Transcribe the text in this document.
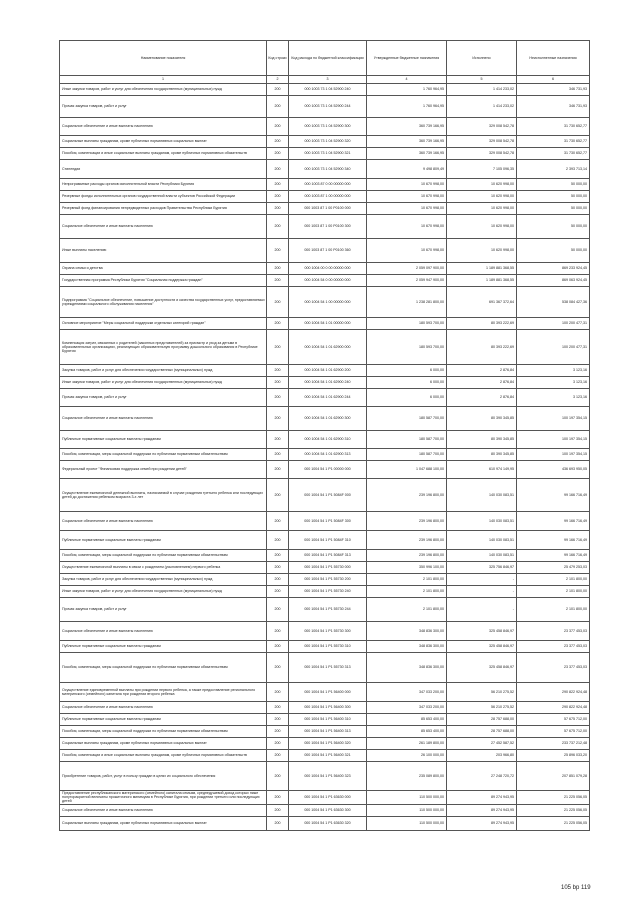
Наименование показателя	Код строки	Код расхода по бюджетной классификации	Утвержденные бюджетные назначения	Исполнено	Неисполненные назначения
1	2	3	4	5	6
Иные закупки товаров, работ и услуг для обеспечения государственных (муниципальных) нужд	200	000 1003 73 1 04 52900 240	1 760 964,95	1 414 233,02	346 731,93
Прочая закупка товаров, работ и услуг	200	000 1003 73 1 04 52900 244	1 760 964,95	1 414 233,02	346 731,93
Социальное обеспечение и иные выплаты населению	200	000 1003 73 1 04 52900 300	360 739 166,95	329 008 542,78	31 730 652,77
Социальные выплаты гражданам, кроме публичных нормативных социальных выплат	200	000 1003 73 1 04 52900 320	360 739 166,95	329 008 542,78	31 730 652,77
Пособия, компенсации и иные социальные выплаты гражданам, кроме публичных нормативных обязательств	200	000 1003 73 1 04 52900 321	360 739 166,95	329 008 542,78	31 730 652,77
Стипендии	200	000 1003 73 1 04 52900 340	9 498 809,49	7 105 096,35	2 393 713,14
Непрограммные расходы органов исполнительной власти Республики Бурятия	200	000 1003 87 0 00 00000 000	10 670 998,00	10 620 998,00	50 000,00
Резервные фонды исполнительных органов государственной власти субъектов Российской Федерации	200	000 1003 87 1 00 00000 000	10 670 998,00	10 620 998,00	50 000,00
Резервный фонд финансирования непредвиденных расходов Правительства Республики Бурятия	200	000 1003 87 1 00 P0100 000	10 670 998,00	10 620 998,00	50 000,00
Социальное обеспечение и иные выплаты населению	200	000 1003 87 1 00 P0100 300	10 670 998,00	10 620 998,00	50 000,00
Иные выплаты населению	200	000 1003 87 1 00 P0100 360	10 670 998,00	10 620 998,00	50 000,00
Охрана семьи и детства	200	000 1004 00 0 00 00000 000	2 059 097 900,00	1 189 881 368,55	869 233 924,45
Государственная программа Республики Бурятия "Социальная поддержка граждан"	200	000 1004 54 0 00 00000 000	2 059 947 900,00	1 189 881 368,55	869 063 924,45
Подпрограмма "Социальное обеспечение, повышение доступности и качества государственных услуг, предоставляемых учреждениями социального обслуживания населения"	200	000 1004 54 1 00 00000 000	1 238 281 800,00	691 367 372,64	538 084 427,36
Основное мероприятие "Меры социальной поддержки отдельных категорий граждан"	200	000 1004 54 1 01 00000 000	180 593 700,00	80 393 222,69	100 200 477,31
Компенсация затрат, связанных с родителей (законных представителей) за присмотр и уход за детьми в образовательных организациях, реализующих образовательную программу дошкольного образования в Республике Бурятия	200	000 1004 54 1 01 62900 000	180 593 700,00	80 393 222,69	100 200 477,31
Закупка товаров, работ и услуг для обеспечения государственных (муниципальных) нужд	200	000 1004 54 1 01 62900 200	6 000,00	2 876,84	3 123,16
Иные закупки товаров, работ и услуг для обеспечения государственных (муниципальных) нужд	200	000 1004 54 1 01 62900 240	6 000,00	2 876,84	3 123,16
Прочая закупка товаров, работ и услуг	200	000 1004 54 1 01 62900 244	6 000,00	2 876,84	3 123,16
Социальное обеспечение и иные выплаты населению	200	000 1004 54 1 01 62900 300	180 587 700,00	80 390 345,85	100 197 354,15
Публичные нормативные социальные выплаты гражданам	200	000 1004 54 1 01 62900 310	180 587 700,00	80 390 345,85	100 197 354,15
Пособия, компенсации, меры социальной поддержки по публичным нормативным обязательствам	200	000 1004 54 1 01 62900 313	180 587 700,00	80 390 345,85	100 197 354,15
Федеральный проект "Финансовая поддержка семей при рождении детей"	200	000 1004 54 1 P1 00000 000	1 047 688 100,00	610 974 149,95	436 693 950,05
Осуществление ежемесячной денежной выплаты, назначаемой в случае рождения третьего ребенка или последующих детей до достижения ребенком возраста 3-х лет	200	000 1004 54 1 P1 5084F 000	239 196 800,00	140 030 083,51	99 166 716,49
Социальное обеспечение и иные выплаты населению	200	000 1004 54 1 P1 5084F 300	239 196 800,00	140 030 083,51	99 166 716,49
Публичные нормативные социальные выплаты гражданам	200	000 1004 54 1 P1 5084F 310	239 196 800,00	140 030 083,51	99 166 716,49
Пособия, компенсации, меры социальной поддержки по публичным нормативным обязательствам	200	000 1004 54 1 P1 5084F 313	239 196 800,00	140 030 083,51	99 166 716,49
Осуществление ежемесячной выплаты в связи с рождением (усыновлением) первого ребенка	200	000 1004 54 1 P1 55730 000	350 996 100,00	325 756 846,97	25 479 253,03
Закупка товаров, работ и услуг для обеспечения государственных (муниципальных) нужд	200	000 1004 54 1 P1 55730 200	2 101 800,00	-	2 101 800,00
Иные закупки товаров, работ и услуг для обеспечения государственных (муниципальных) нужд	200	000 1004 54 1 P1 55730 240	2 101 800,00	-	2 101 800,00
Прочая закупка товаров, работ и услуг	200	000 1004 54 1 P1 55730 244	2 101 800,00	-	2 101 800,00
Социальное обеспечение и иные выплаты населению	200	000 1004 54 1 P1 55730 300	348 836 300,00	325 458 846,97	23 377 453,03
Публичные нормативные социальные выплаты гражданам	200	000 1004 54 1 P1 55730 310	348 836 300,00	325 458 846,97	23 377 453,03
Пособия, компенсации, меры социальной поддержки по публичным нормативным обязательствам	200	000 1004 54 1 P1 55730 313	348 836 300,00	325 458 846,97	23 377 453,03
Осуществление единовременной выплаты при рождении первого ребенка, а также предоставление регионального материнского (семейного) капитала при рождении второго ребенка	200	000 1004 54 1 P1 56400 000	347 033 200,00	56 210 275,52	290 822 924,48
Социальное обеспечение и иные выплаты населению	200	000 1004 54 1 P1 56400 300	347 033 200,00	56 210 275,52	290 822 924,48
Публичные нормативные социальные выплаты гражданам	200	000 1004 54 1 P1 56400 310	85 653 400,00	28 757 688,00	57 675 712,00
Пособия, компенсации, меры социальной поддержки по публичным нормативным обязательствам	200	000 1004 54 1 P1 56400 313	85 653 400,00	28 757 688,00	57 675 712,00
Социальные выплаты гражданам, кроме публичных нормативных социальных выплат	200	000 1004 54 1 P1 56400 320	261 189 800,00	27 452 587,52	233 737 212,48
Пособия, компенсации и иные социальные выплаты гражданам, кроме публичных нормативных обязательств	200	000 1004 54 1 P1 56400 321	26 100 000,00	203 966,80	25 896 033,20
Приобретение товаров, работ, услуг в пользу граждан в целях их социального обеспечения	200	000 1004 54 1 P1 56400 323	235 089 800,00	27 248 720,72	207 851 079,28
Предоставление республиканского материнского (семейного) капитала семьям, среднедушевой доход которых ниже полуторакратной величины прожиточного минимума в Республике Бурятия, при рождении третьего или последующих детей	200	000 1004 54 1 P1 63630 000	110 500 000,00	89 274 943,95	21 225 056,05
Социальное обеспечение и иные выплаты населению	200	000 1004 54 1 P1 63630 300	110 500 000,00	89 274 943,95	21 225 056,05
Социальные выплаты гражданам, кроме публичных нормативных социальных выплат	200	000 1004 54 1 P1 63630 320	110 500 000,00	89 274 943,95	21 225 056,05
105 bp 119
